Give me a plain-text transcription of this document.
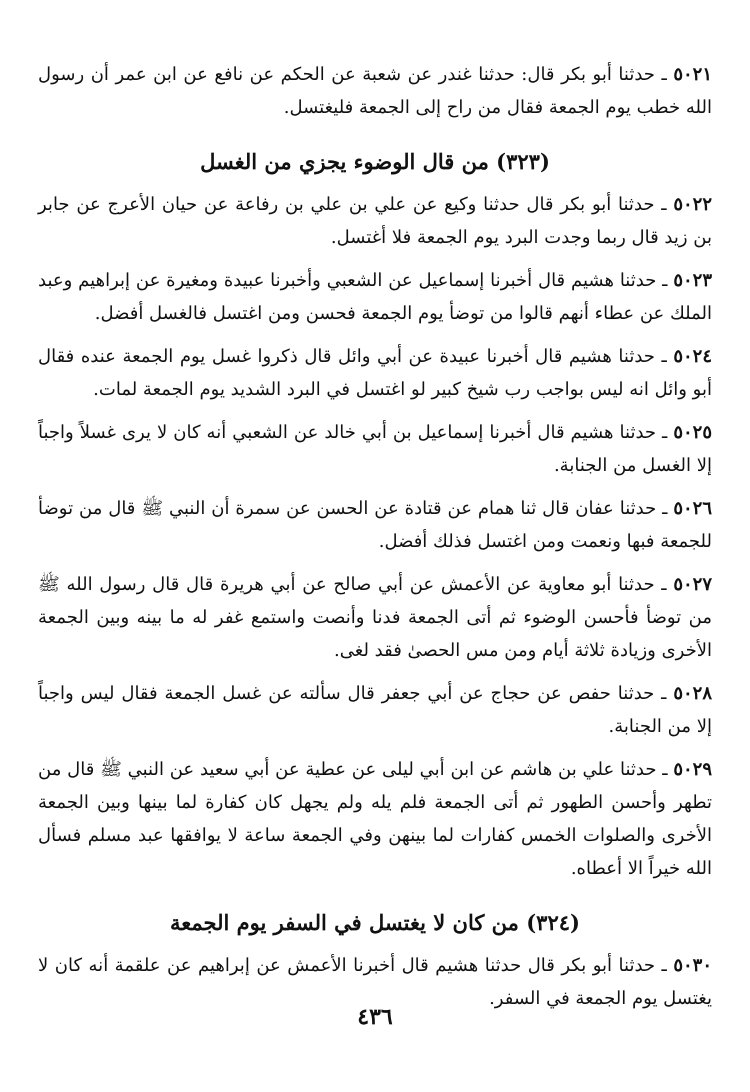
٥٠٢١ ـ حدثنا أبو بكر قال: حدثنا غندر عن شعبة عن الحكم عن نافع عن ابن عمر أن رسول الله خطب يوم الجمعة فقال من راح إلى الجمعة فليغتسل.

(٣٢٣) من قال الوضوء يجزي من الغسل

٥٠٢٢ ـ حدثنا أبو بكر قال حدثنا وكيع عن علي بن علي بن رفاعة عن حيان الأعرج عن جابر بن زيد قال ربما وجدت البرد يوم الجمعة فلا أغتسل.

٥٠٢٣ ـ حدثنا هشيم قال أخبرنا إسماعيل عن الشعبي وأخبرنا عبيدة ومغيرة عن إبراهيم وعبد الملك عن عطاء أنهم قالوا من توضأ يوم الجمعة فحسن ومن اغتسل فالغسل أفضل.

٥٠٢٤ ـ حدثنا هشيم قال أخبرنا عبيدة عن أبي وائل قال ذكروا غسل يوم الجمعة عنده فقال أبو وائل انه ليس بواجب رب شيخ كبير لو اغتسل في البرد الشديد يوم الجمعة لمات.

٥٠٢٥ ـ حدثنا هشيم قال أخبرنا إسماعيل بن أبي خالد عن الشعبي أنه كان لا يرى غسلاً واجباً إلا الغسل من الجنابة.

٥٠٢٦ ـ حدثنا عفان قال ثنا همام عن قتادة عن الحسن عن سمرة أن النبي ﷺ قال من توضأ للجمعة فبها ونعمت ومن اغتسل فذلك أفضل.

٥٠٢٧ ـ حدثنا أبو معاوية عن الأعمش عن أبي صالح عن أبي هريرة قال قال رسول الله ﷺ من توضأ فأحسن الوضوء ثم أتى الجمعة فدنا وأنصت واستمع غفر له ما بينه وبين الجمعة الأخرى وزيادة ثلاثة أيام ومن مس الحصىٰ فقد لغى.

٥٠٢٨ ـ حدثنا حفص عن حجاج عن أبي جعفر قال سألته عن غسل الجمعة فقال ليس واجباً إلا من الجنابة.

٥٠٢٩ ـ حدثنا علي بن هاشم عن ابن أبي ليلى عن عطية عن أبي سعيد عن النبي ﷺ قال من تطهر وأحسن الطهور ثم أتى الجمعة فلم يله ولم يجهل كان كفارة لما بينها وبين الجمعة الأخرى والصلوات الخمس كفارات لما بينهن وفي الجمعة ساعة لا يوافقها عبد مسلم فسأل الله خيراً الا أعطاه.

(٣٢٤) من كان لا يغتسل في السفر يوم الجمعة

٥٠٣٠ ـ حدثنا أبو بكر قال حدثنا هشيم قال أخبرنا الأعمش عن إبراهيم عن علقمة أنه كان لا يغتسل يوم الجمعة في السفر.

٤٣٦
